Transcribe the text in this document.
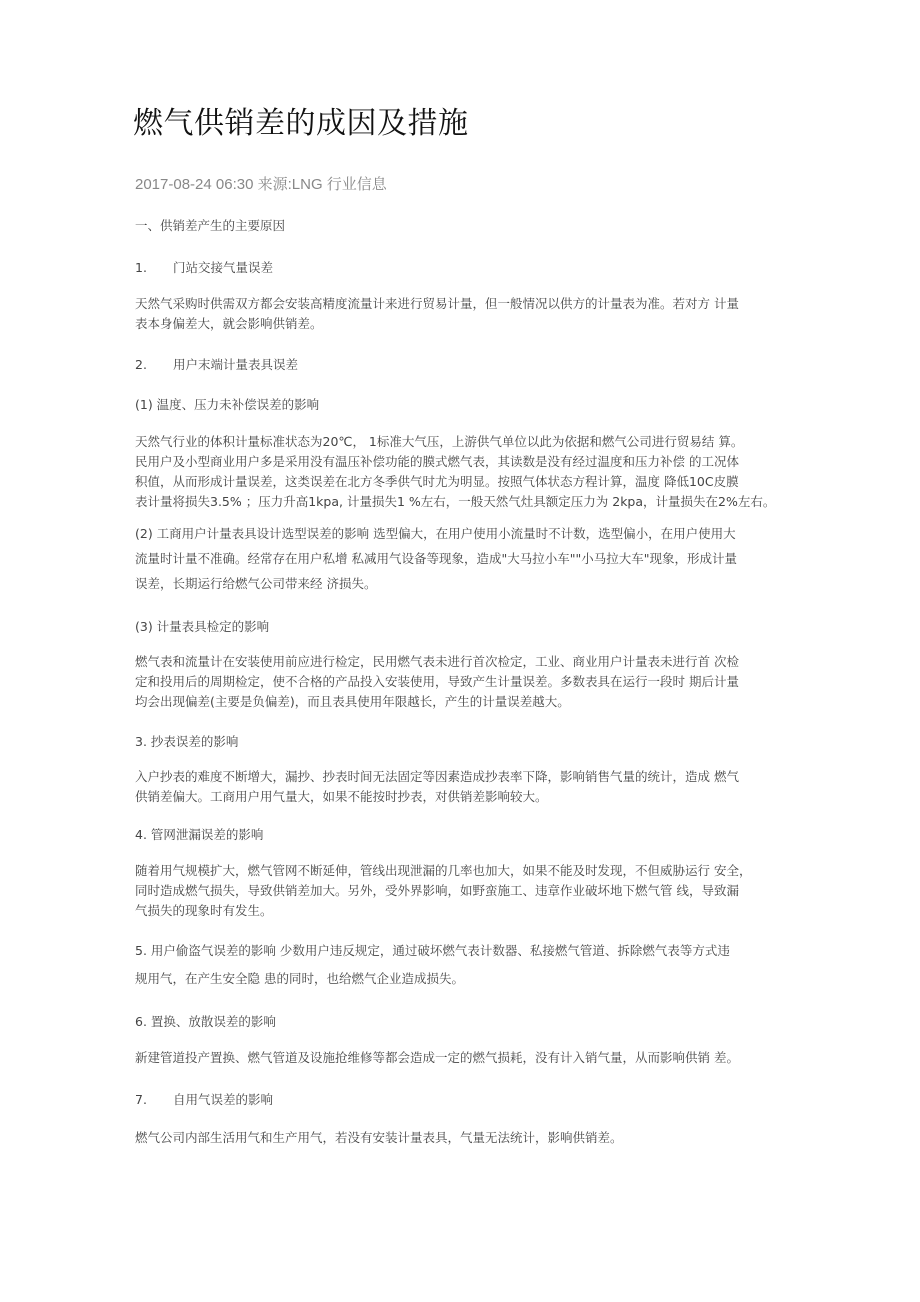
燃气供销差的成因及措施
2017-08-24 06:30 来源:LNG 行业信息
一、供销差产生的主要原因
1. 门站交接气量误差
天然气采购时供需双方都会安装高精度流量计来进行贸易计量，但一般情况以供方的计量表为准。若对方 计量
表本身偏差大，就会影响供销差。
2. 用户末端计量表具误差
(1) 温度、压力未补偿误差的影响
天然气行业的体积计量标准状态为20℃， 1标准大气压，上游供气单位以此为依据和燃气公司进行贸易结 算。
民用户及小型商业用户多是采用没有温压补偿功能的膜式燃气表，其读数是没有经过温度和压力补偿 的工况体
积值，从而形成计量误差，这类误差在北方冬季供气时尤为明显。按照气体状态方程计算，温度 降低10C皮膜
表计量将损失3.5% ；压力升高1kpa, 计量损失1 %左右，一般天然气灶具额定压力为 2kpa，计量损失在2%左右。
(2) 工商用户计量表具设计选型误差的影响 选型偏大，在用户使用小流量时不计数，选型偏小，在用户使用大
流量时计量不准确。经常存在用户私增 私减用气设备等现象，造成"大马拉小车""小马拉大车"现象，形成计量
误差，长期运行给燃气公司带来经 济损失。
(3) 计量表具检定的影响
燃气表和流量计在安装使用前应进行检定，民用燃气表未进行首次检定，工业、商业用户计量表未进行首 次检
定和投用后的周期检定，使不合格的产品投入安装使用，导致产生计量误差。多数表具在运行一段时 期后计量
均会出现偏差(主要是负偏差)，而且表具使用年限越长，产生的计量误差越大。
3. 抄表误差的影响
入户抄表的难度不断增大，漏抄、抄表时间无法固定等因素造成抄表率下降，影响销售气量的统计，造成 燃气
供销差偏大。工商用户用气量大，如果不能按时抄表，对供销差影响较大。
4. 管网泄漏误差的影响
随着用气规模扩大，燃气管网不断延伸，管线出现泄漏的几率也加大，如果不能及时发现，不但威胁运行 安全，
同时造成燃气损失，导致供销差加大。另外，受外界影响，如野蛮施工、违章作业破坏地下燃气管 线，导致漏
气损失的现象时有发生。
5. 用户偷盗气误差的影响 少数用户违反规定，通过破坏燃气表计数器、私接燃气管道、拆除燃气表等方式违
规用气，在产生安全隐 患的同时，也给燃气企业造成损失。
6. 置换、放散误差的影响
新建管道投产置换、燃气管道及设施抢维修等都会造成一定的燃气损耗，没有计入销气量，从而影响供销 差。
7. 自用气误差的影响
燃气公司内部生活用气和生产用气，若没有安装计量表具，气量无法统计，影响供销差。
